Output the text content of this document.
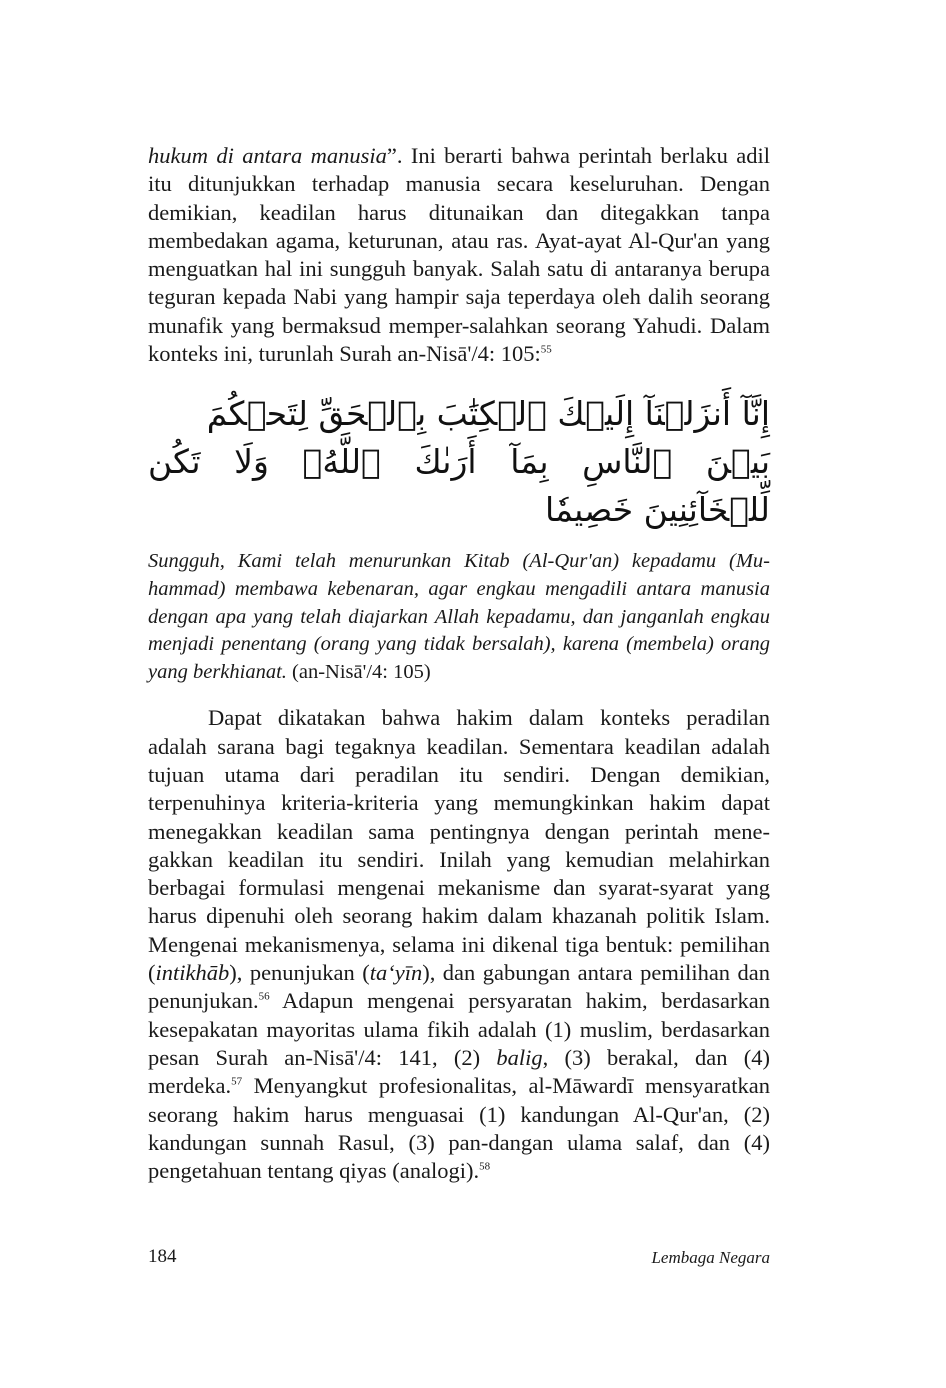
hukum di antara manusia”. Ini berarti bahwa perintah berlaku adil itu ditunjukkan terhadap manusia secara keseluruhan. Dengan demikian, keadilan harus ditunaikan dan ditegakkan tanpa membedakan agama, keturunan, atau ras. Ayat-ayat Al-Qur'an yang menguatkan hal ini sungguh banyak. Salah satu di antaranya berupa teguran kepada Nabi yang hampir saja teperdaya oleh dalih seorang munafik yang bermaksud memper-salahkan seorang Yahudi. Dalam konteks ini, turunlah Surah an-Nisā'/4: 105:$^{55}$

إِنَّآ أَنزَلۡنَآ إِلَيۡكَ ٱلۡكِتَٰبَ بِٱلۡحَقِّ لِتَحۡكُمَ بَيۡنَ ٱلنَّاسِ بِمَآ أَرَىٰكَ ٱللَّهُۚ وَلَا تَكُن
لِّلۡخَآئِنِينَ خَصِيمٗا

Sungguh, Kami telah menurunkan Kitab (Al-Qur'an) kepadamu (Mu-hammad) membawa kebenaran, agar engkau mengadili antara manusia dengan apa yang telah diajarkan Allah kepadamu, dan janganlah engkau menjadi penentang (orang yang tidak bersalah), karena (membela) orang yang berkhianat. (an-Nisā'/4: 105)

Dapat dikatakan bahwa hakim dalam konteks peradilan adalah sarana bagi tegaknya keadilan. Sementara keadilan adalah tujuan utama dari peradilan itu sendiri. Dengan demikian, terpenuhinya kriteria-kriteria yang memungkinkan hakim dapat menegakkan keadilan sama pentingnya dengan perintah mene-gakkan keadilan itu sendiri. Inilah yang kemudian melahirkan berbagai formulasi mengenai mekanisme dan syarat-syarat yang harus dipenuhi oleh seorang hakim dalam khazanah politik Islam. Mengenai mekanismenya, selama ini dikenal tiga bentuk: pemilihan (intikhāb), penunjukan (ta‘yīn), dan gabungan antara pemilihan dan penunjukan.$^{56}$ Adapun mengenai persyaratan hakim, berdasarkan kesepakatan mayoritas ulama fikih adalah (1) muslim, berdasarkan pesan Surah an-Nisā'/4: 141, (2) balig, (3) berakal, dan (4) merdeka.$^{57}$ Menyangkut profesionalitas, al-Māwardī mensyaratkan seorang hakim harus menguasai (1) kandungan Al-Qur'an, (2) kandungan sunnah Rasul, (3) pan-dangan ulama salaf, dan (4) pengetahuan tentang qiyas (analogi).$^{58}$

184	Lembaga Negara
